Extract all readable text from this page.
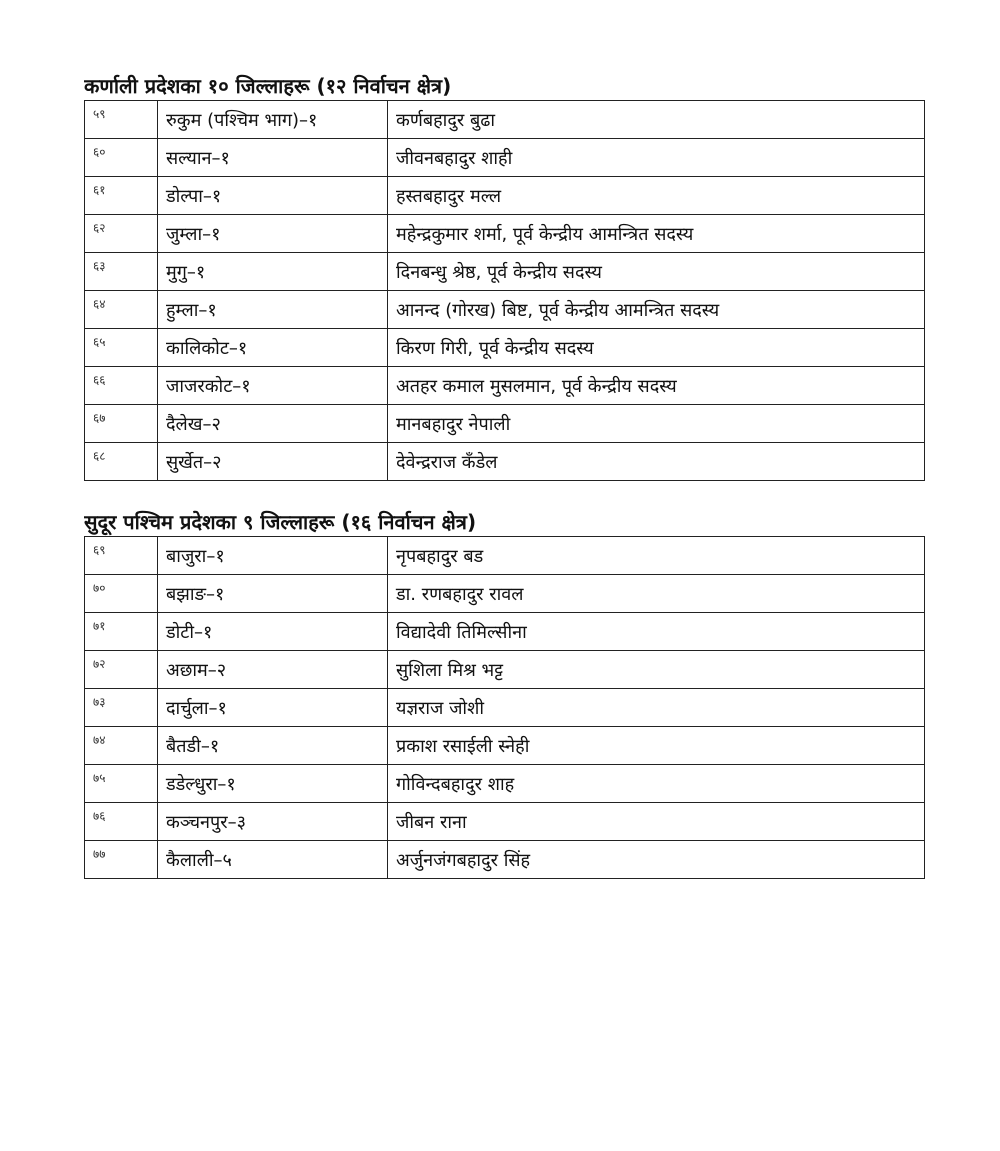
कर्णाली प्रदेशका १० जिल्लाहरू (१२ निर्वाचन क्षेत्र)
५९	रुकुम (पश्चिम भाग)–१	कर्णबहादुर बुढा
६०	सल्यान–१	जीवनबहादुर शाही
६१	डोल्पा–१	हस्तबहादुर मल्ल
६२	जुम्ला–१	महेन्द्रकुमार शर्मा, पूर्व केन्द्रीय आमन्त्रित सदस्य
६३	मुगु–१	दिनबन्धु श्रेष्ठ, पूर्व केन्द्रीय सदस्य
६४	हुम्ला–१	आनन्द (गोरख) बिष्ट, पूर्व केन्द्रीय आमन्त्रित सदस्य
६५	कालिकोट–१	किरण गिरी, पूर्व केन्द्रीय सदस्य
६६	जाजरकोट–१	अतहर कमाल मुसलमान, पूर्व केन्द्रीय सदस्य
६७	दैलेख–२	मानबहादुर नेपाली
६८	सुर्खेत–२	देवेन्द्रराज कँडेल
सुदूर पश्चिम प्रदेशका ९ जिल्लाहरू (१६ निर्वाचन क्षेत्र)
६९	बाजुरा–१	नृपबहादुर बड
७०	बझाङ–१	डा. रणबहादुर रावल
७१	डोटी–१	विद्यादेवी तिमिल्सीना
७२	अछाम–२	सुशिला मिश्र भट्ट
७३	दार्चुला–१	यज्ञराज जोशी
७४	बैतडी–१	प्रकाश रसाईली स्नेही
७५	डडेल्धुरा–१	गोविन्दबहादुर शाह
७६	कञ्चनपुर–३	जीबन राना
७७	कैलाली–५	अर्जुनजंगबहादुर सिंह
